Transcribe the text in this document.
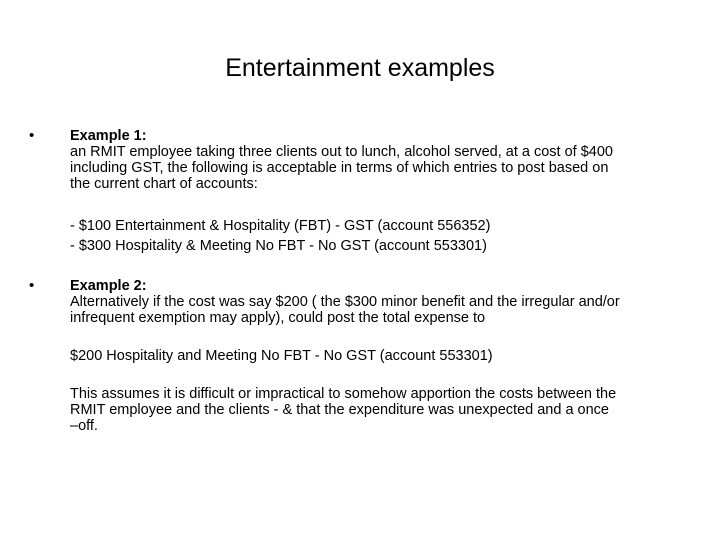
Entertainment examples
• Example 1:
an RMIT employee taking three clients out to lunch, alcohol served, at a cost of $400
including GST, the following is acceptable in terms of which entries to post based on
the current chart of accounts:
- $100 Entertainment & Hospitality (FBT) - GST (account 556352)
- $300 Hospitality & Meeting No FBT - No GST (account 553301)
• Example 2:
Alternatively if the cost was say $200 ( the $300 minor benefit and the irregular and/or
infrequent exemption may apply), could post the total expense to
$200 Hospitality and Meeting No FBT - No GST (account 553301)
This assumes it is difficult or impractical to somehow apportion the costs between the
RMIT employee and the clients - & that the expenditure was unexpected and a once
–off.
